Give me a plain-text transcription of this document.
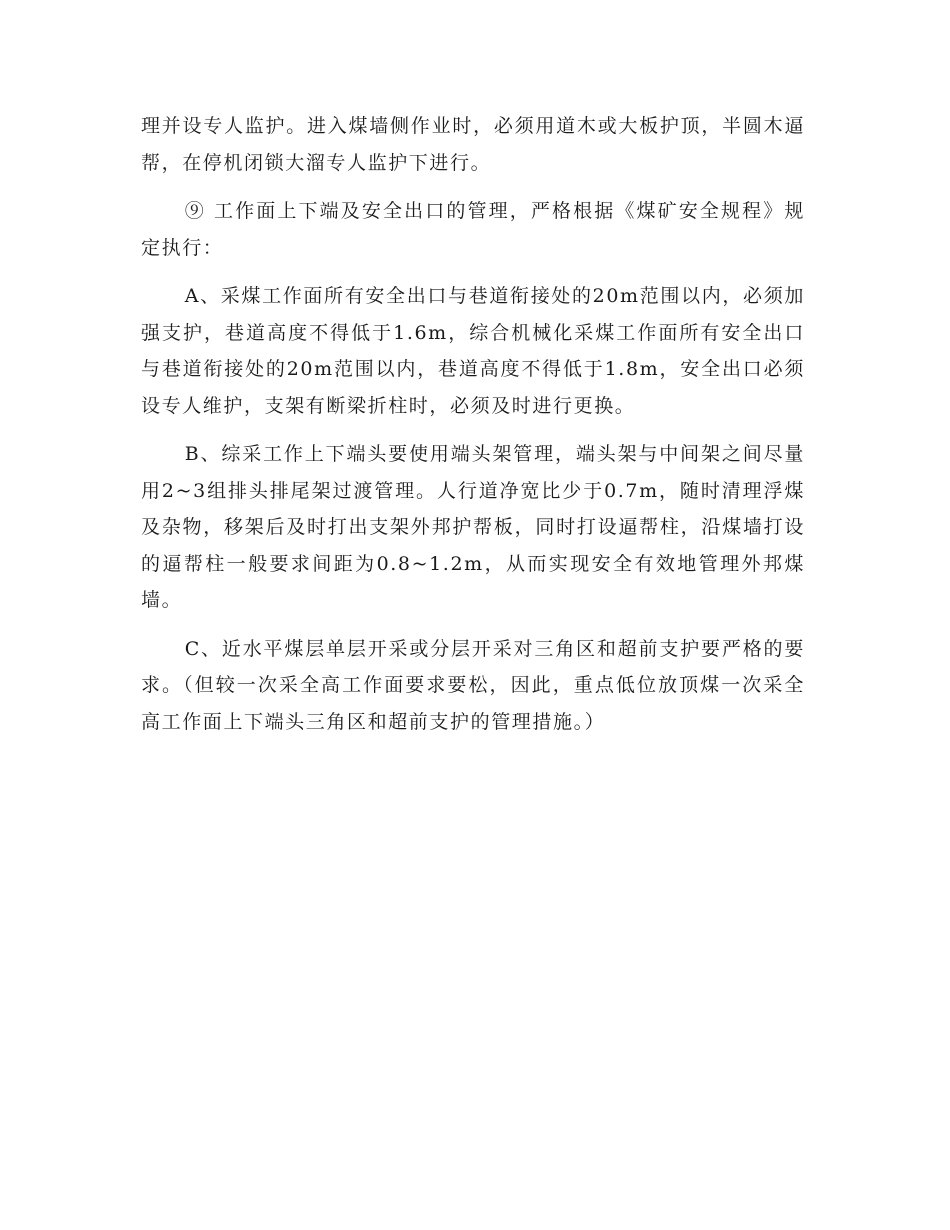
理并设专人监护。进入煤墙侧作业时，必须用道木或大板护顶，半圆木逼帮，在停机闭锁大溜专人监护下进行。

⑨ 工作面上下端及安全出口的管理，严格根据《煤矿安全规程》规定执行：

A、采煤工作面所有安全出口与巷道衔接处的20m范围以内，必须加强支护，巷道高度不得低于1.6m，综合机械化采煤工作面所有安全出口与巷道衔接处的20m范围以内，巷道高度不得低于1.8m，安全出口必须设专人维护，支架有断梁折柱时，必须及时进行更换。

B、综采工作上下端头要使用端头架管理，端头架与中间架之间尽量用2~3组排头排尾架过渡管理。人行道净宽比少于0.7m，随时清理浮煤及杂物，移架后及时打出支架外邦护帮板，同时打设逼帮柱，沿煤墙打设的逼帮柱一般要求间距为0.8~1.2m，从而实现安全有效地管理外邦煤墙。

C、近水平煤层单层开采或分层开采对三角区和超前支护要严格的要求。（但较一次采全高工作面要求要松，因此，重点低位放顶煤一次采全高工作面上下端头三角区和超前支护的管理措施。）
